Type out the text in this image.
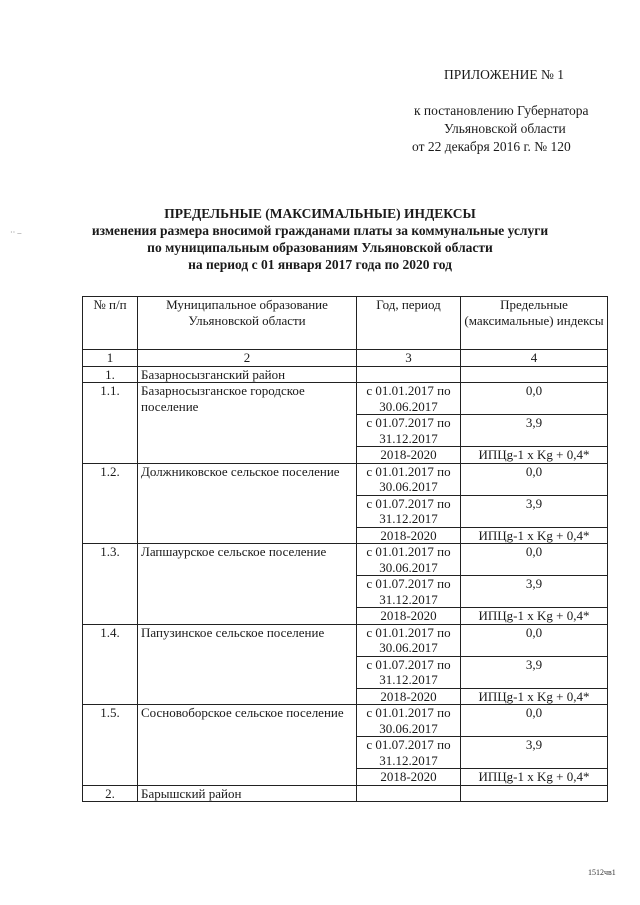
ПРИЛОЖЕНИЕ № 1
к постановлению Губернатора
Ульяновской области
от 22 декабря 2016 г. № 120
ПРЕДЕЛЬНЫЕ (МАКСИМАЛЬНЫЕ) ИНДЕКСЫ
изменения размера вносимой гражданами платы за коммунальные услуги
по муниципальным образованиям Ульяновской области
на период с 01 января 2017 года по 2020 год
·· –
№ п/п	Муниципальное образование Ульяновской области	Год, период	Предельные (максимальные) индексы
1	2	3	4
1.	Базарносызганский район		
1.1.	Базарносызганское городское поселение	с 01.01.2017 по 30.06.2017	0,0
		с 01.07.2017 по 31.12.2017	3,9
		2018-2020	ИПЦg-1 x Kg + 0,4*
1.2.	Должниковское сельское поселение	с 01.01.2017 по 30.06.2017	0,0
		с 01.07.2017 по 31.12.2017	3,9
		2018-2020	ИПЦg-1 x Kg + 0,4*
1.3.	Лапшаурское сельское поселение	с 01.01.2017 по 30.06.2017	0,0
		с 01.07.2017 по 31.12.2017	3,9
		2018-2020	ИПЦg-1 x Kg + 0,4*
1.4.	Папузинское сельское поселение	с 01.01.2017 по 30.06.2017	0,0
		с 01.07.2017 по 31.12.2017	3,9
		2018-2020	ИПЦg-1 x Kg + 0,4*
1.5.	Сосновоборское сельское поселение	с 01.01.2017 по 30.06.2017	0,0
		с 01.07.2017 по 31.12.2017	3,9
		2018-2020	ИПЦg-1 x Kg + 0,4*
2.	Барышский район		
1512чв1
